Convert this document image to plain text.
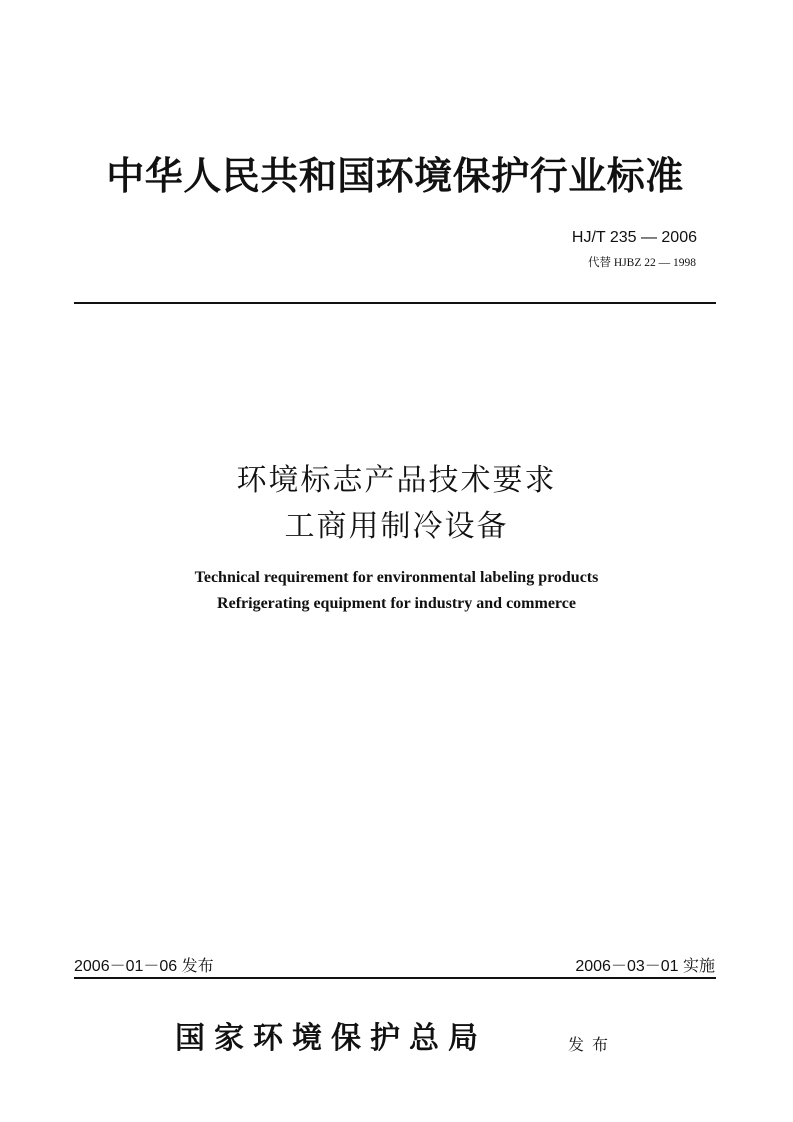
中华人民共和国环境保护行业标准
HJ/T 235 — 2006
代替 HJBZ 22 — 1998
环境标志产品技术要求
工商用制冷设备
Technical requirement for environmental labeling products
Refrigerating equipment for industry and commerce
2006－01－06 发布	2006－03－01 实施
国家环境保护总局	发布
